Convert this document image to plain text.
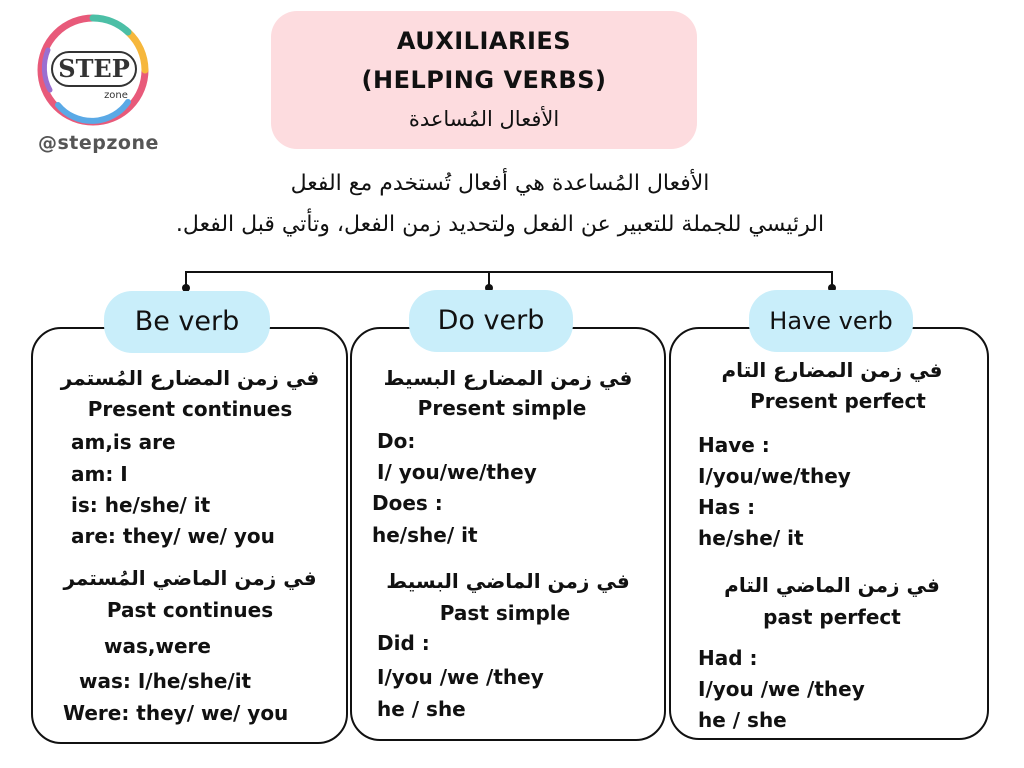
STEP
zone
@stepzone
AUXILIARIES
(HELPING VERBS)
الأفعال المُساعدة
الأفعال المُساعدة هي أفعال تُستخدم مع الفعل
الرئيسي للجملة للتعبير عن الفعل ولتحديد زمن الفعل، وتأتي قبل الفعل.
Be verb	Do verb	Have verb
في زمن المضارع المُستمر
Present continues
am,is are
am: I
is: he/she/ it
are: they/ we/ you
في زمن الماضي المُستمر
Past continues
was,were
was: I/he/she/it
Were: they/ we/ you
في زمن المضارع البسيط
Present simple
Do:
I/ you/we/they
Does :
he/she/ it
في زمن الماضي البسيط
Past simple
Did :
I/you /we /they
he / she
في زمن المضارع التام
Present perfect
Have :
I/you/we/they
Has :
he/she/ it
في زمن الماضي التام
past perfect
Had :
I/you /we /they
he / she
